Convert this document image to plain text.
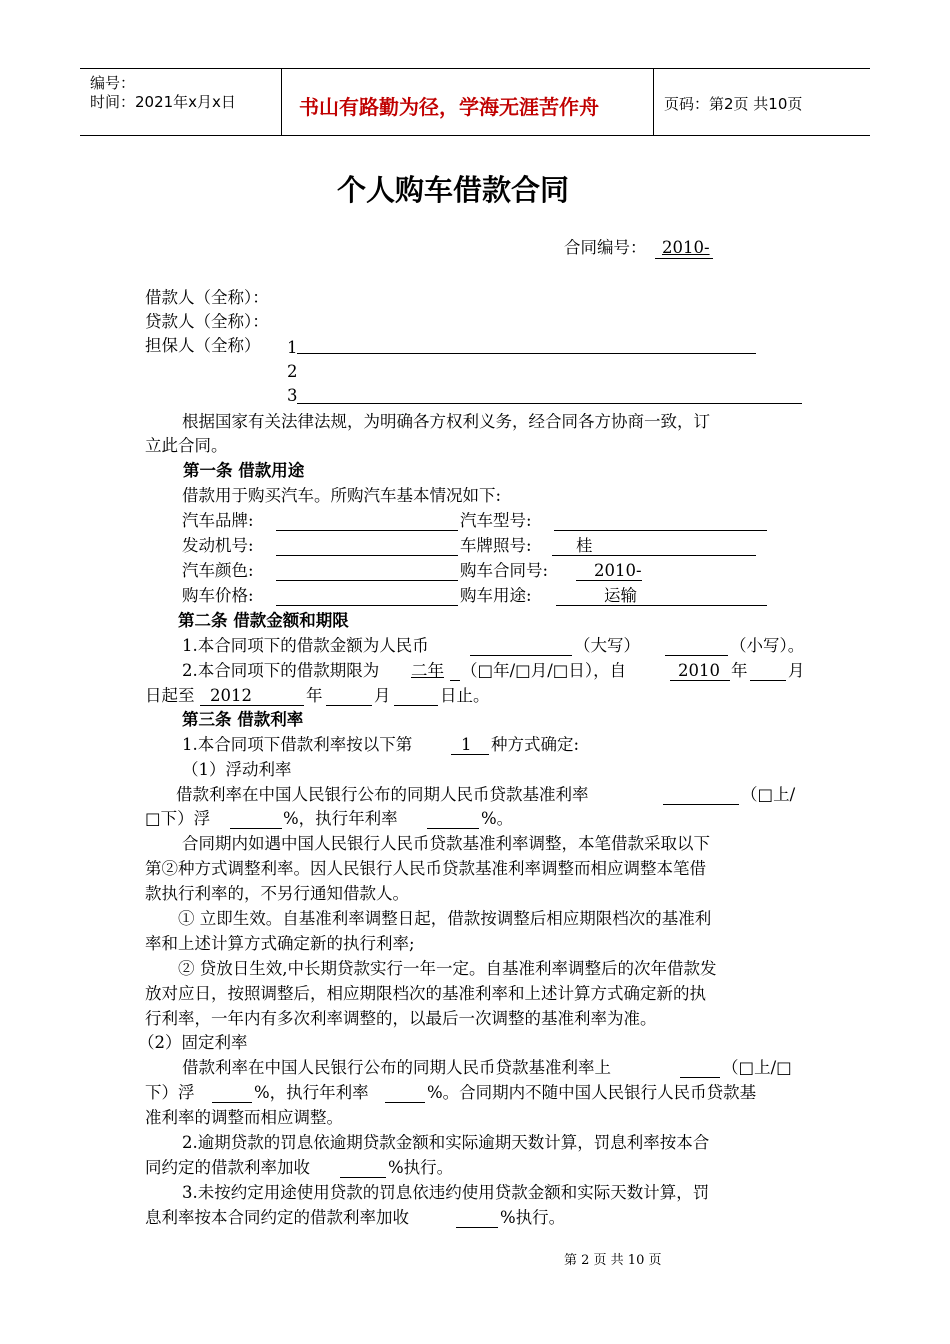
编号：
时间：2021年x月x日	书山有路勤为径，学海无涯苦作舟	页码：第2页 共10页
个人购车借款合同
合同编号： 2010-
借款人（全称）：
贷款人（全称）：
担保人（全称） 1
2
3
根据国家有关法律法规，为明确各方权利义务，经合同各方协商一致，订
立此合同。
第一条 借款用途
借款用于购买汽车。所购汽车基本情况如下:
汽车品牌:	汽车型号:
发动机号:	车牌照号:	桂
汽车颜色:	购车合同号:	2010-
购车价格:	购车用途:	运输
第二条 借款金额和期限
1.本合同项下的借款金额为人民币	（大写）	（小写）。
2.本合同项下的借款期限为 二年 （□年/□月/□日），自	2010 年 月
日起至 2012	年	月	日止。
第三条 借款利率
1.本合同项下借款利率按以下第	1 种方式确定:
（1）浮动利率
借款利率在中国人民银行公布的同期人民币贷款基准利率	（□上/
□下）浮	%，执行年利率	%。
合同期内如遇中国人民银行人民币贷款基准利率调整，本笔借款采取以下
第②种方式调整利率。因人民银行人民币贷款基准利率调整而相应调整本笔借
款执行利率的，不另行通知借款人。
① 立即生效。自基准利率调整日起，借款按调整后相应期限档次的基准利
率和上述计算方式确定新的执行利率;
② 贷放日生效,中长期贷款实行一年一定。自基准利率调整后的次年借款发
放对应日，按照调整后，相应期限档次的基准利率和上述计算方式确定新的执
行利率，一年内有多次利率调整的，以最后一次调整的基准利率为准。
（2）固定利率
借款利率在中国人民银行公布的同期人民币贷款基准利率上	（□上/□
下）浮	%，执行年利率	%。合同期内不随中国人民银行人民币贷款基
准利率的调整而相应调整。
2.逾期贷款的罚息依逾期贷款金额和实际逾期天数计算，罚息利率按本合
同约定的借款利率加收	%执行。
3.未按约定用途使用贷款的罚息依违约使用贷款金额和实际天数计算，罚
息利率按本合同约定的借款利率加收	%执行。
第 2 页 共 10 页
